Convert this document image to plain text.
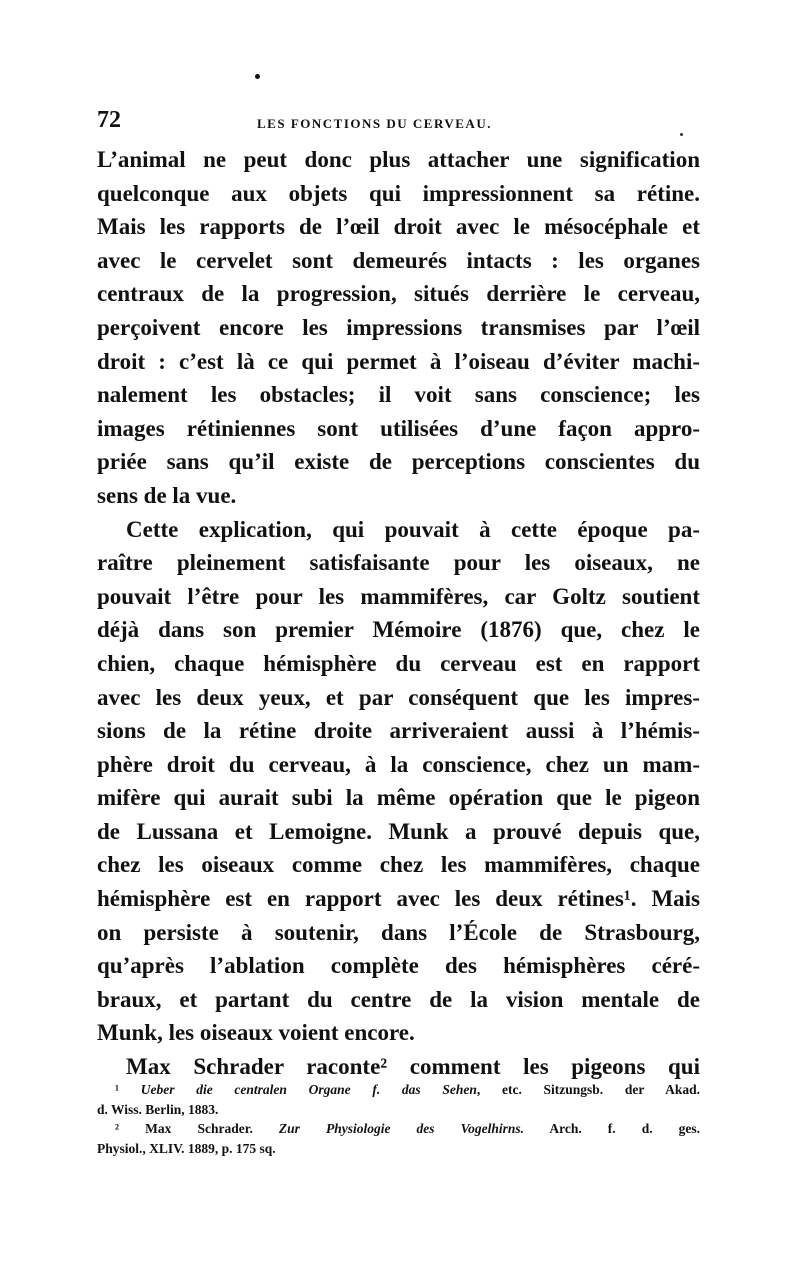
72	LES FONCTIONS DU CERVEAU.
L’animal ne peut donc plus attacher une signification
quelconque aux objets qui impressionnent sa rétine.
Mais les rapports de l’œil droit avec le mésocéphale et
avec le cervelet sont demeurés intacts : les organes
centraux de la progression, situés derrière le cerveau,
perçoivent encore les impressions transmises par l’œil
droit : c’est là ce qui permet à l’oiseau d’éviter machi-
nalement les obstacles; il voit sans conscience; les
images rétiniennes sont utilisées d’une façon appro-
priée sans qu’il existe de perceptions conscientes du
sens de la vue.
Cette explication, qui pouvait à cette époque pa-
raître pleinement satisfaisante pour les oiseaux, ne
pouvait l’être pour les mammifères, car Goltz soutient
déjà dans son premier Mémoire (1876) que, chez le
chien, chaque hémisphère du cerveau est en rapport
avec les deux yeux, et par conséquent que les impres-
sions de la rétine droite arriveraient aussi à l’hémis-
phère droit du cerveau, à la conscience, chez un mam-
mifère qui aurait subi la même opération que le pigeon
de Lussana et Lemoigne. Munk a prouvé depuis que,
chez les oiseaux comme chez les mammifères, chaque
hémisphère est en rapport avec les deux rétines¹. Mais
on persiste à soutenir, dans l’École de Strasbourg,
qu’après l’ablation complète des hémisphères céré-
braux, et partant du centre de la vision mentale de
Munk, les oiseaux voient encore.
Max Schrader raconte² comment les pigeons qui
¹ Ueber die centralen Organe f. das Sehen, etc. Sitzungsb. der Akad.
d. Wiss. Berlin, 1883.
² Max Schrader. Zur Physiologie des Vogelhirns. Arch. f. d. ges.
Physiol., XLIV. 1889, p. 175 sq.
